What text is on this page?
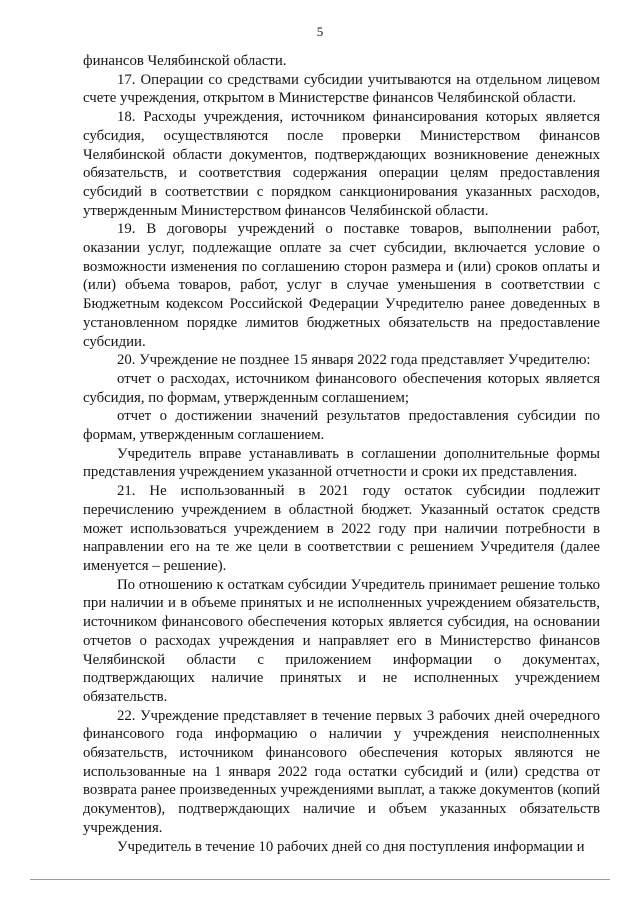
5

финансов Челябинской области.

17. Операции со средствами субсидии учитываются на отдельном лицевом счете учреждения, открытом в Министерстве финансов Челябинской области.

18. Расходы учреждения, источником финансирования которых является субсидия, осуществляются после проверки Министерством финансов Челябинской области документов, подтверждающих возникновение денежных обязательств, и соответствия содержания операции целям предоставления субсидий в соответствии с порядком санкционирования указанных расходов, утвержденным Министерством финансов Челябинской области.

19. В договоры учреждений о поставке товаров, выполнении работ, оказании услуг, подлежащие оплате за счет субсидии, включается условие о возможности изменения по соглашению сторон размера и (или) сроков оплаты и (или) объема товаров, работ, услуг в случае уменьшения в соответствии с Бюджетным кодексом Российской Федерации Учредителю ранее доведенных в установленном порядке лимитов бюджетных обязательств на предоставление субсидии.

20. Учреждение не позднее 15 января 2022 года представляет Учредителю:

отчет о расходах, источником финансового обеспечения которых является субсидия, по формам, утвержденным соглашением;

отчет о достижении значений результатов предоставления субсидии по формам, утвержденным соглашением.

Учредитель вправе устанавливать в соглашении дополнительные формы представления учреждением указанной отчетности и сроки их представления.

21. Не использованный в 2021 году остаток субсидии подлежит перечислению учреждением в областной бюджет. Указанный остаток средств может использоваться учреждением в 2022 году при наличии потребности в направлении его на те же цели в соответствии с решением Учредителя (далее именуется – решение).

По отношению к остаткам субсидии Учредитель принимает решение только при наличии и в объеме принятых и не исполненных учреждением обязательств, источником финансового обеспечения которых является субсидия, на основании отчетов о расходах учреждения и направляет его в Министерство финансов Челябинской области с приложением информации о документах, подтверждающих наличие принятых и не исполненных учреждением обязательств.

22. Учреждение представляет в течение первых 3 рабочих дней очередного финансового года информацию о наличии у учреждения неисполненных обязательств, источником финансового обеспечения которых являются не использованные на 1 января 2022 года остатки субсидий и (или) средства от возврата ранее произведенных учреждениями выплат, а также документов (копий документов), подтверждающих наличие и объем указанных обязательств учреждения.

Учредитель в течение 10 рабочих дней со дня поступления информации и
